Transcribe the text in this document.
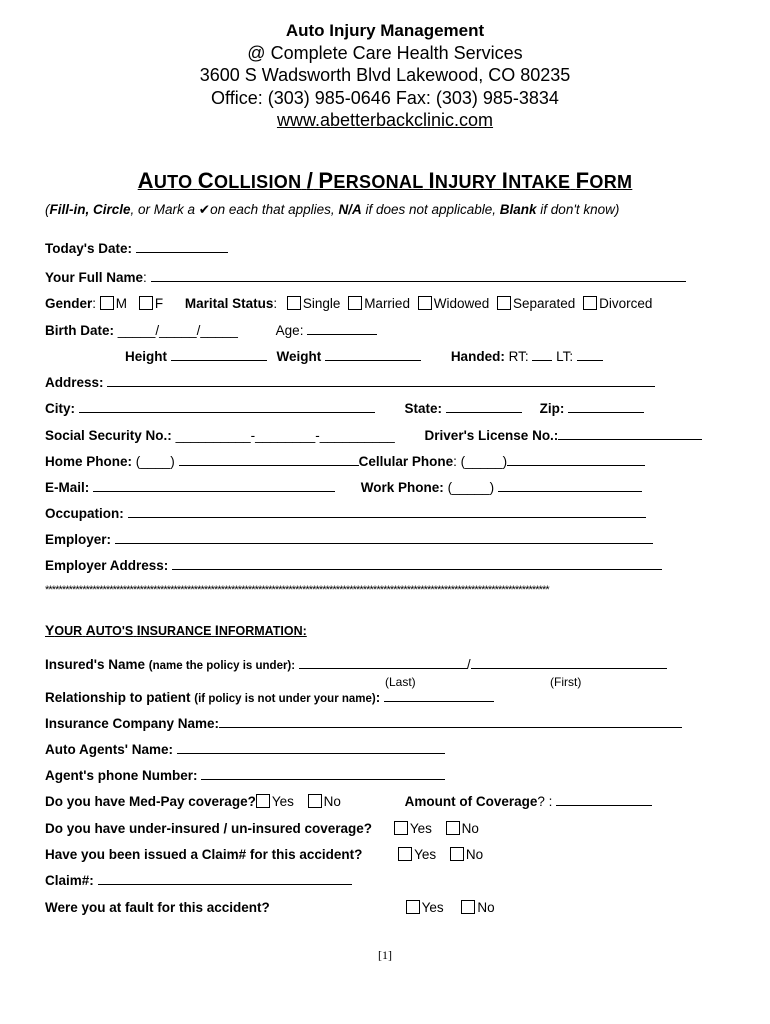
Auto Injury Management
@ Complete Care Health Services
3600 S Wadsworth Blvd Lakewood, CO 80235
Office: (303) 985-0646 Fax: (303) 985-3834
www.abetterbackclinic.com
AUTO COLLISION / PERSONAL INJURY INTAKE FORM
(Fill-in, Circle, or Mark a ✔on each that applies, N/A if does not applicable, Blank if don't know)
Today's Date:
Your Full Name:
Gender: M F Marital Status: Single Married Widowed Separated Divorced
Birth Date: _____/_____/_____	Age:
Height	Weight	Handed: RT: LT:
Address:
City:	State:	Zip:
Social Security No.: __________-________-__________ Driver's License No.:
Home Phone: (____)	Cellular Phone: (_____)
E-Mail:	Work Phone: (_____)
Occupation:
Employer:
Employer Address:
*****************************************************************************************************************************************************
YOUR AUTO'S INSURANCE INFORMATION:
Insured's Name (name the policy is under):	/
(Last)	(First)
Relationship to patient (if policy is not under your name):
Insurance Company Name:
Auto Agents' Name:
Agent's phone Number:
Do you have Med-Pay coverage? Yes No	Amount of Coverage? :
Do you have under-insured / un-insured coverage?	Yes No
Have you been issued a Claim# for this accident?	Yes No
Claim#:
Were you at fault for this accident?	Yes	No
[1]
